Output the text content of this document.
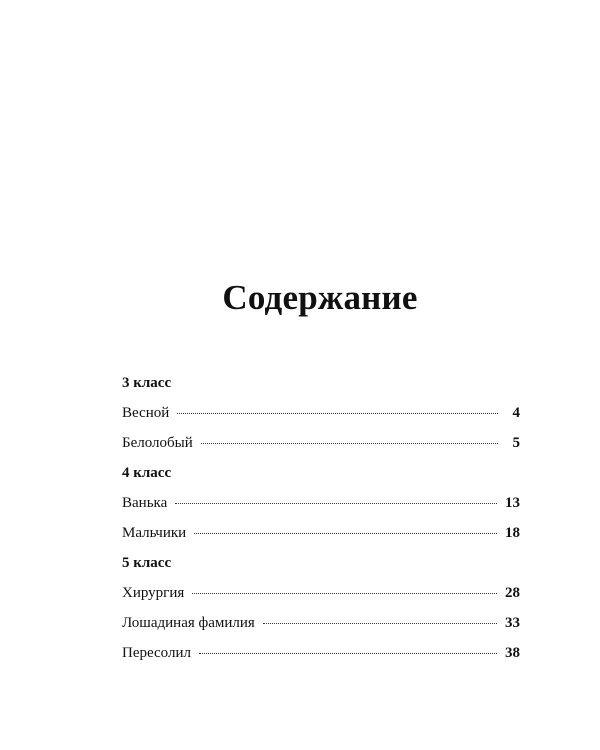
Содержание
3 класс
Весной	4
Белолобый	5
4 класс
Ванька	13
Мальчики	18
5 класс
Хирургия	28
Лошадиная фамилия	33
Пересолил	38
